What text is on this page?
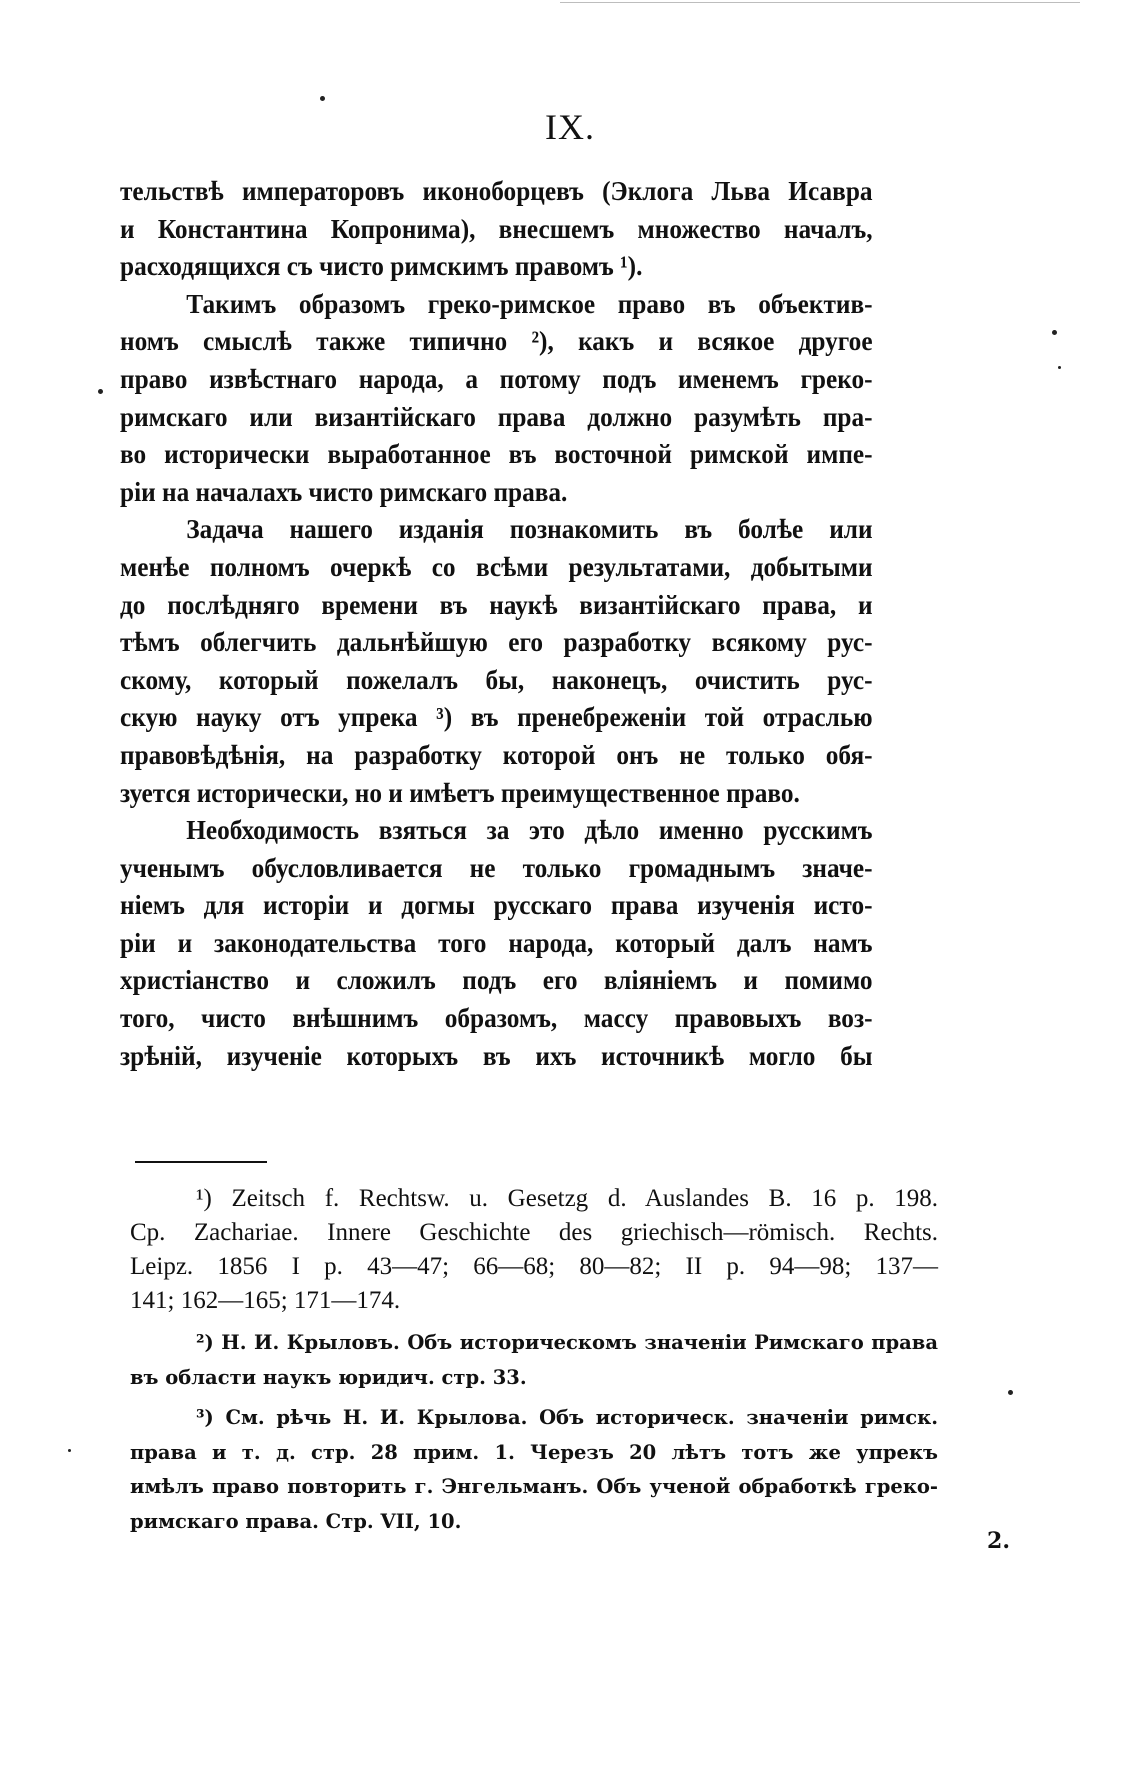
IX.
тельствѣ императоровъ иконоборцевъ (Эклога Льва Исавра
и Константина Копронима), внесшемъ множество началъ,
расходящихся съ чисто римскимъ правомъ ¹).
Такимъ образомъ греко-римское право въ объектив-
номъ смыслѣ также типично ²), какъ и всякое другое
право извѣстнаго народа, а потому подъ именемъ греко-
римскаго или византійскаго права должно разумѣть пра-
во исторически выработанное въ восточной римской импе-
ріи на началахъ чисто римскаго права.
Задача нашего изданія познакомить въ болѣе или
менѣе полномъ очеркѣ со всѣми результатами, добытыми
до послѣдняго времени въ наукѣ византійскаго права, и
тѣмъ облегчить дальнѣйшую его разработку всякому рус-
скому, который пожелалъ бы, наконецъ, очистить рус-
скую науку отъ упрека ³) въ пренебреженіи той отраслью
правовѣдѣнія, на разработку которой онъ не только обя-
зуется исторически, но и имѣетъ преимущественное право.
Необходимость взяться за это дѣло именно русскимъ
ученымъ обусловливается не только громаднымъ значе-
ніемъ для исторіи и догмы русскаго права изученія исто-
ріи и законодательства того народа, который далъ намъ
христіанство и сложилъ подъ его вліяніемъ и помимо
того, чисто внѣшнимъ образомъ, массу правовыхъ воз-
зрѣній, изученіе которыхъ въ ихъ источникѣ могло бы
¹) Zeitsch f. Rechtsw. u. Gesetzg d. Auslandes B. 16 p. 198.
Cp. Zachariae. Innere Geschichte des griechisch—römisch. Rechts.
Leipz. 1856 I p. 43—47; 66—68; 80—82; II p. 94—98; 137—
141; 162—165; 171—174.
²) Н. И. Крыловъ. Объ историческомъ значеніи Римскаго права
въ области наукъ юридич. стр. 33.
³) См. рѣчь Н. И. Крылова. Объ историческ. значеніи римск.
права и т. д. стр. 28 прим. 1. Черезъ 20 лѣтъ тотъ же упрекъ
имѣлъ право повторить г. Энгельманъ. Объ ученой обработкѣ греко-
римскаго права. Стр. VII, 10.
2.
